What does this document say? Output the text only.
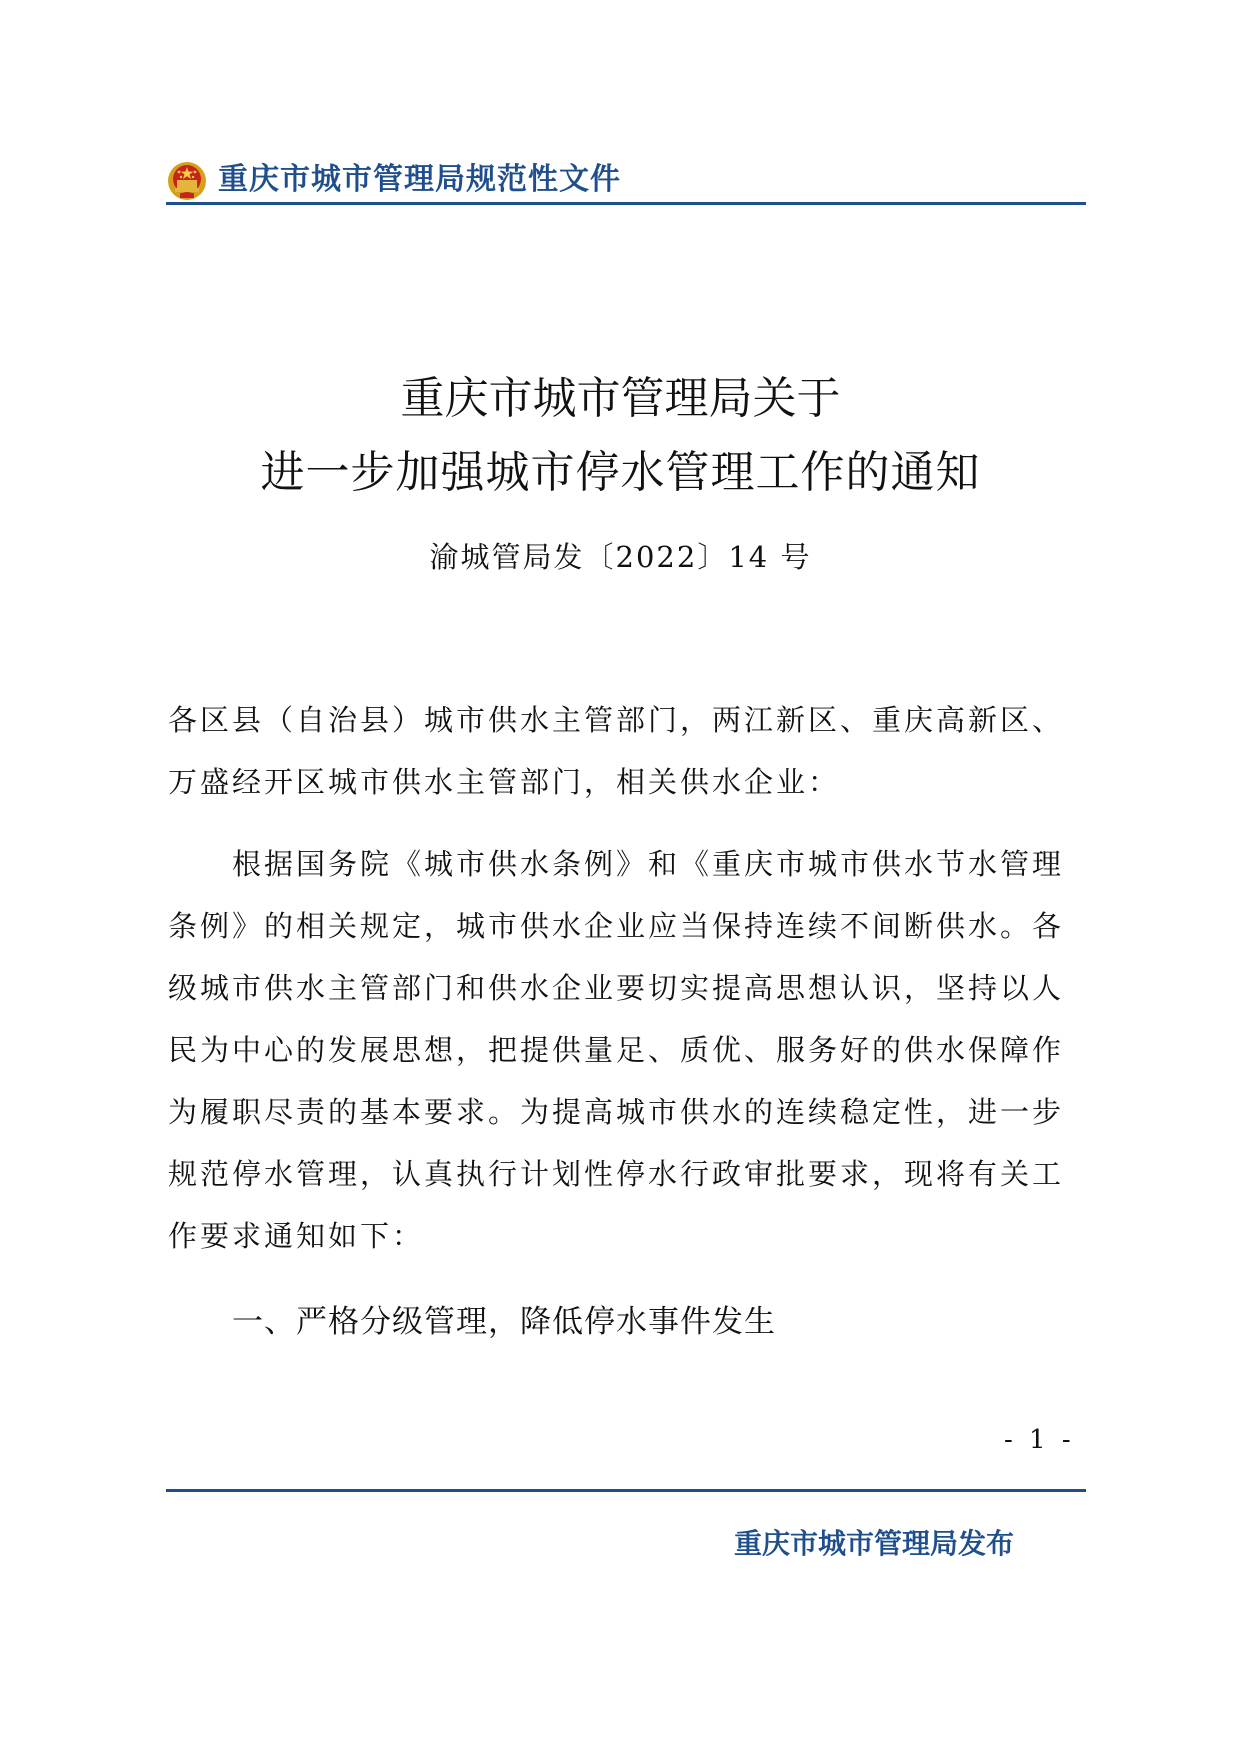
重庆市城市管理局规范性文件
重庆市城市管理局关于
进一步加强城市停水管理工作的通知
渝城管局发〔2022〕14 号
各区县（自治县）城市供水主管部门，两江新区、重庆高新区、
万盛经开区城市供水主管部门，相关供水企业：
根据国务院《城市供水条例》和《重庆市城市供水节水管理
条例》的相关规定，城市供水企业应当保持连续不间断供水。各
级城市供水主管部门和供水企业要切实提高思想认识，坚持以人
民为中心的发展思想，把提供量足、质优、服务好的供水保障作
为履职尽责的基本要求。为提高城市供水的连续稳定性，进一步
规范停水管理，认真执行计划性停水行政审批要求，现将有关工
作要求通知如下：
一、严格分级管理，降低停水事件发生
- 1 -
重庆市城市管理局发布
